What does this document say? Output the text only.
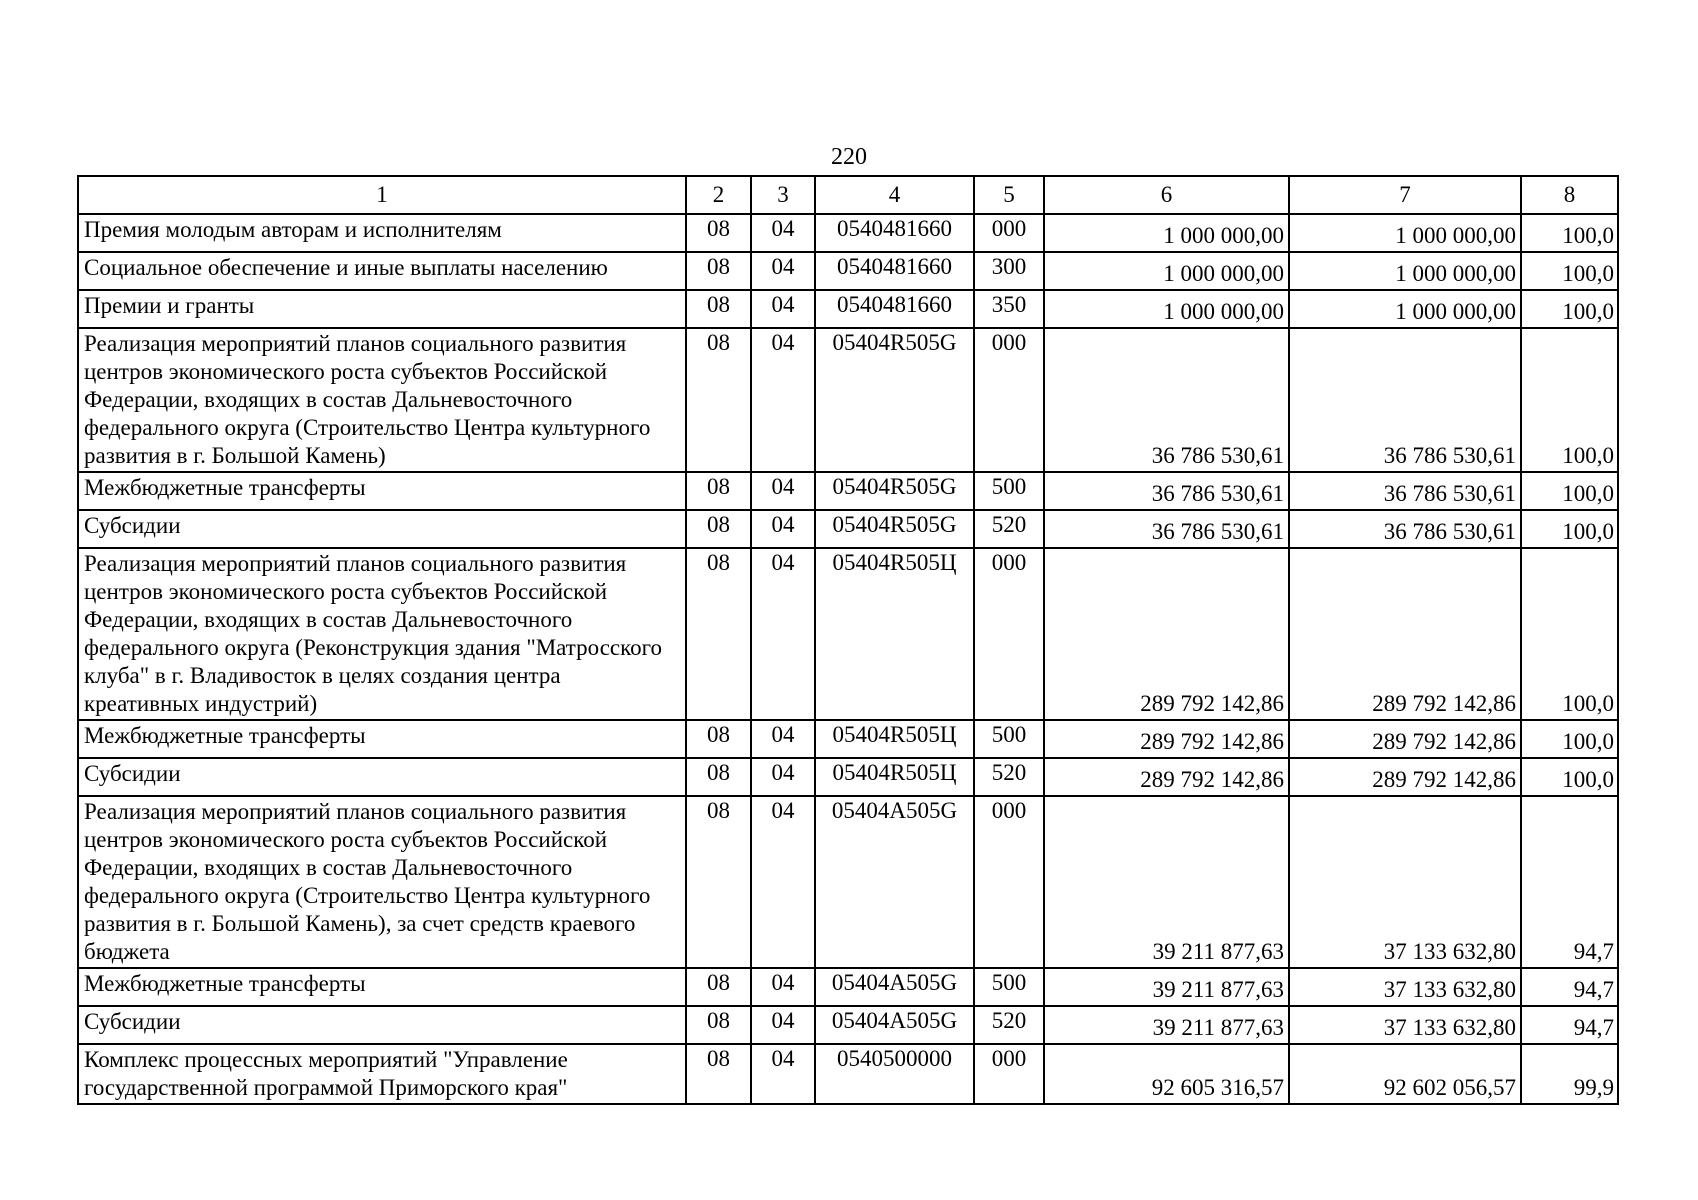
220
1	2	3	4	5	6	7	8
Премия молодым авторам и исполнителям	08	04	0540481660	000	1 000 000,00	1 000 000,00	100,0
Социальное обеспечение и иные выплаты населению	08	04	0540481660	300	1 000 000,00	1 000 000,00	100,0
Премии и гранты	08	04	0540481660	350	1 000 000,00	1 000 000,00	100,0
Реализация мероприятий планов социального развития центров экономического роста субъектов Российской Федерации, входящих в состав Дальневосточного федерального округа (Строительство Центра культурного развития в г. Большой Камень)	08	04	05404R505G	000	36 786 530,61	36 786 530,61	100,0
Межбюджетные трансферты	08	04	05404R505G	500	36 786 530,61	36 786 530,61	100,0
Субсидии	08	04	05404R505G	520	36 786 530,61	36 786 530,61	100,0
Реализация мероприятий планов социального развития центров экономического роста субъектов Российской Федерации, входящих в состав Дальневосточного федерального округа (Реконструкция здания "Матросского клуба" в г. Владивосток в целях создания центра креативных индустрий)	08	04	05404R505Ц	000	289 792 142,86	289 792 142,86	100,0
Межбюджетные трансферты	08	04	05404R505Ц	500	289 792 142,86	289 792 142,86	100,0
Субсидии	08	04	05404R505Ц	520	289 792 142,86	289 792 142,86	100,0
Реализация мероприятий планов социального развития центров экономического роста субъектов Российской Федерации, входящих в состав Дальневосточного федерального округа (Строительство Центра культурного развития в г. Большой Камень), за счет средств краевого бюджета	08	04	05404A505G	000	39 211 877,63	37 133 632,80	94,7
Межбюджетные трансферты	08	04	05404A505G	500	39 211 877,63	37 133 632,80	94,7
Субсидии	08	04	05404A505G	520	39 211 877,63	37 133 632,80	94,7
Комплекс процессных мероприятий "Управление государственной программой Приморского края"	08	04	0540500000	000	92 605 316,57	92 602 056,57	99,9
